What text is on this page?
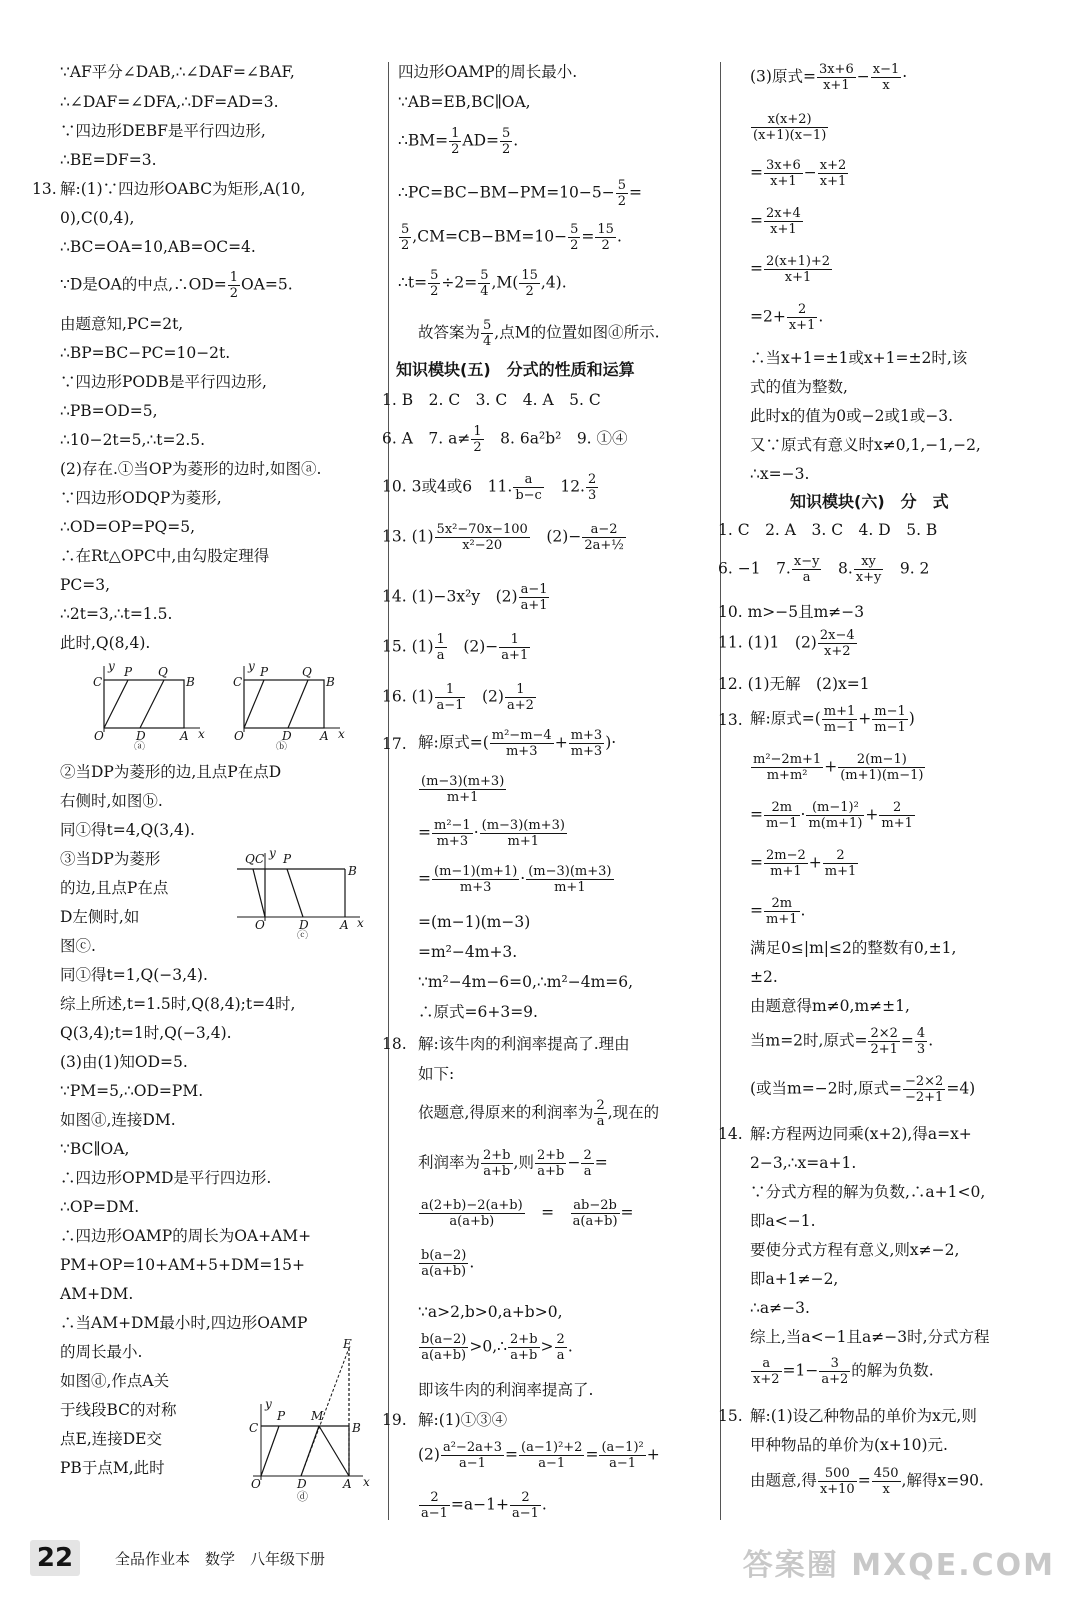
∵AF平分∠DAB,∴∠DAF=∠BAF,
∴∠DAF=∠DFA,∴DF=AD=3.
∵四边形DEBF是平行四边形,
∴BE=DF=3.
13. 解:(1)∵四边形OABC为矩形,A(10,
0),C(0,4),
∴BC=OA=10,AB=OC=4.
∵D是OA的中点,∴OD= $\frac{1}{2} OA=5$.
由题意知,PC=2t,
∴BP=BC−PC=10−2t.
∵四边形PODB是平行四边形,
∴PB=OD=5,
∴10−2t=5,∴t=2.5.
(2)存在.①当OP为菱形的边时,如图ⓐ.
∵四边形ODQP为菱形,
∴OD=OP=PQ=5,
∴在Rt△OPC中,由勾股定理得
PC=3,
∴2t=3,∴t=1.5.
此时,Q(8,4).
y P Q
C	B
O	D	A x
ⓐ
y P	Q
C	B
O	D A x
ⓑ
②当DP为菱形的边,且点P在点D
右侧时,如图ⓑ.
同①得t=4,Q(3,4).
③当DP为菱形
的边,且点P在点
D左侧时,如
图ⓒ.
Q C y P
B
O	D	A x
ⓒ
同①得t=1,Q(−3,4).
综上所述,t=1.5时,Q(8,4);t=4时,
Q(3,4);t=1时,Q(−3,4).
(3)由(1)知OD=5.
∵PM=5,∴OD=PM.
如图ⓓ,连接DM.
∵BC∥OA,
∴四边形OPMD是平行四边形.
∴OP=DM.
∴四边形OAMP的周长为OA+AM+
PM+OP=10+AM+5+DM=15+
AM+DM.
∴当AM+DM最小时,四边形OAMP
的周长最小.
如图ⓓ,作点A关
于线段BC的对称
点E,连接DE交
PB于点M,此时
E
y
C
P M
B
O	D	A x
ⓓ
四边形OAMP的周长最小.
∵AB=EB,BC∥OA,
∴BM= $\frac{1}{2} AD= \frac{5}{2}$ .
∴PC=BC−BM−PM=10−5− $\frac{5}{2}$ =
$\frac{5}{2} ,CM=CB-BM=10- \frac{5}{2} = \frac{15}{2}$ .
∴t= $\frac{5}{2} \div 2= \frac{5}{4} ,M( \frac{15}{2} ,4)$.
故答案为 $\frac{5}{4}$ ,点M的位置如图ⓓ所示.
知识模块(五)　分式的性质和运算
1. B　2. C　3. C　4. A　5. C
6. A　7. $a\ne \frac{1}{2}$
　 8. 6a²b²　9. ①④
10. 3或4或6　11. $\frac{a}{b-c}$
　 12. $\frac{2}{3}$
13. $(1) \frac{\text{5x²−70x−100}}{\text{x²−20}}$
　 $(2)- \frac{a-2}{\text{2a+½}}$
14. (1)−3x²y　$(2) \frac{a-1}{a+1}$
15. $(1) \frac{1}{a}$
　 $(2)- \frac{1}{a+1}$
16. $(1) \frac{1}{a-1}$
　 $(2) \frac{1}{a+2}$
17. 解:原式=( $\frac{\text{m²−m−4}}{m+3} + \frac{m+3}{m+3}$ )·
$\frac{(m-3)(m+3)}{m+1}$
= $\frac{\text{m²−1}}{m+3} \cdot \frac{(m-3)(m+3)}{m+1}$
= $\frac{(m-1)(m+1)}{m+3} \cdot \frac{(m-3)(m+3)}{m+1}$
=(m−1)(m−3)
=m²−4m+3.
∵m²−4m−6=0,∴m²−4m=6,
∴原式=6+3=9.
18. 解:该牛肉的利润率提高了.理由
如下:
依题意,得原来的利润率为 $\frac{2}{a}$ ,现在的
利润率为 $\frac{2+b}{a+b}$ ,则 $\frac{2+b}{a+b} - \frac{2}{a}$ =
$\frac{a(2+b)-2(a+b)}{a(a+b)}$ 　=　 $\frac{ab-2b}{a(a+b)}$ =
$\frac{b(a-2)}{a(a+b)}$ .
∵a>2,b>0,a+b>0,
$\frac{b(a-2)}{a(a+b)}$ >0,∴ $\frac{2+b}{a+b} > \frac{2}{a}$ .
即该牛肉的利润率提高了.
19. 解:(1)①③④
$(2) \frac{\text{a²−2a+3}}{a-1} = \frac{\text{(a−1)²+2}}{a-1} = \frac{\text{(a−1)²}}{a-1}$ +
$\frac{2}{a-1} =a-1+ \frac{2}{a-1}$ .
(3)原式= $\frac{3x+6}{x+1} - \frac{x-1}{x}$ ·
$\frac{x(x+2)}{(x+1)(x-1)}$
= $\frac{3x+6}{x+1} - \frac{x+2}{x+1}$
= $\frac{2x+4}{x+1}$
= $\frac{2(x+1)+2}{x+1}$
$=2+ \frac{2}{x+1}$ .
∴当x+1=±1或x+1=±2时,该
式的值为整数,
此时x的值为0或−2或1或−3.
又∵原式有意义时x≠0,1,−1,−2,
∴x=−3.
知识模块(六)　分　式
1. C　2. A　3. C　4. D　5. B
6. −1　7. $\frac{x-y}{a}$
　 8. $\frac{xy}{x+y}$
　 9. 2
10. m>−5且m≠−3
11. (1)1　$(2) \frac{2x-4}{x+2}$
12. (1)无解　(2)x=1
13. 解:原式=( $\frac{m+1}{m-1} + \frac{m-1}{m-1}$ )
$\frac{\text{m²−2m+1}}{\text{m+m²}} + \frac{2(m-1)}{(m+1)(m-1)}$
= $\frac{2m}{m-1} \cdot \frac{\text{(m−1)²}}{m(m+1)} + \frac{2}{m+1}$
= $\frac{2m-2}{m+1} + \frac{2}{m+1}$
= $\frac{2m}{m+1}$ .
满足0≤|m|≤2的整数有0,±1,
±2.
由题意得m≠0,m≠±1,
当m=2时,原式= $\frac{2\times 2}{2+1} = \frac{4}{3}$ .
(或当m=−2时,原式= $\frac{-2\times 2}{-2+1} =4$)
14. 解:方程两边同乘(x+2),得a=x+
2−3,∴x=a+1.
∵分式方程的解为负数,∴a+1<0,
即a<−1.
要使分式方程有意义,则x≠−2,
即a+1≠−2,
∴a≠−3.
综上,当a<−1且a≠−3时,分式方程
$\frac{a}{x+2} =1- \frac{3}{a+2}$ 的解为负数.
15. 解:(1)设乙种物品的单价为x元,则
甲种物品的单价为(x+10)元.
由题意,得 $\frac{500}{x+10} = \frac{450}{x}$ ,解得x=90.
22	全品作业本　数学　八年级下册	答案圈 MXQE.COM
